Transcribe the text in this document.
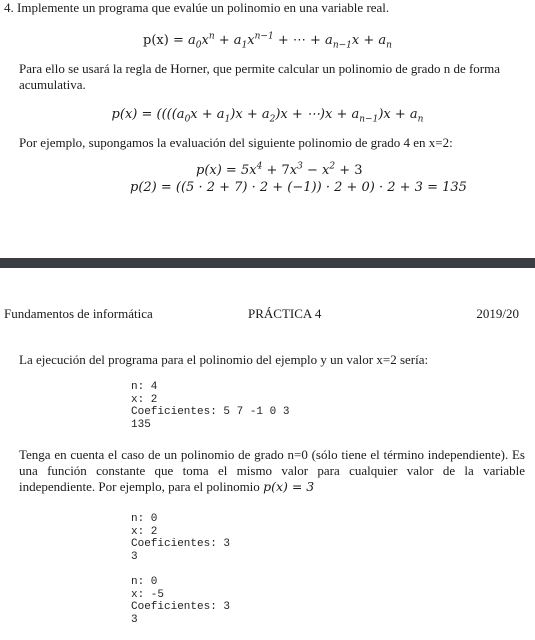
4. Implemente un programa que evalúe un polinomio en una variable real.
$p(x) = a_0x^n + a_1x^{n-1}$ + ⋯ + $a_{n-1}x + a_n$
Para ello se usará la regla de Horner, que permite calcular un polinomio de grado n de forma acumulativa.
$p(x) = ((((a_0x + a_1)x + a_2)x$ + ⋯)x + $a_{n-1})x + a_n$
Por ejemplo, supongamos la evaluación del siguiente polinomio de grado 4 en x=2:
$p(x) = 5x^4 + 7x^3 - x^2 + 3$
p(2) = ((5 · 2 + 7) · 2 + (−1)) · 2 + 0) · 2 + 3 = 135
Fundamentos de informática	PRÁCTICA 4	2019/20
La ejecución del programa para el polinomio del ejemplo y un valor x=2 sería:
n: 4
x: 2
Coeficientes: 5 7 -1 0 3
135
Tenga en cuenta el caso de un polinomio de grado n=0 (sólo tiene el término independiente). Es una función constante que toma el mismo valor para cualquier valor de la variable independiente. Por ejemplo, para el polinomio p(x) = 3
n: 0
x: 2
Coeficientes: 3
3
n: 0
x: -5
Coeficientes: 3
3
